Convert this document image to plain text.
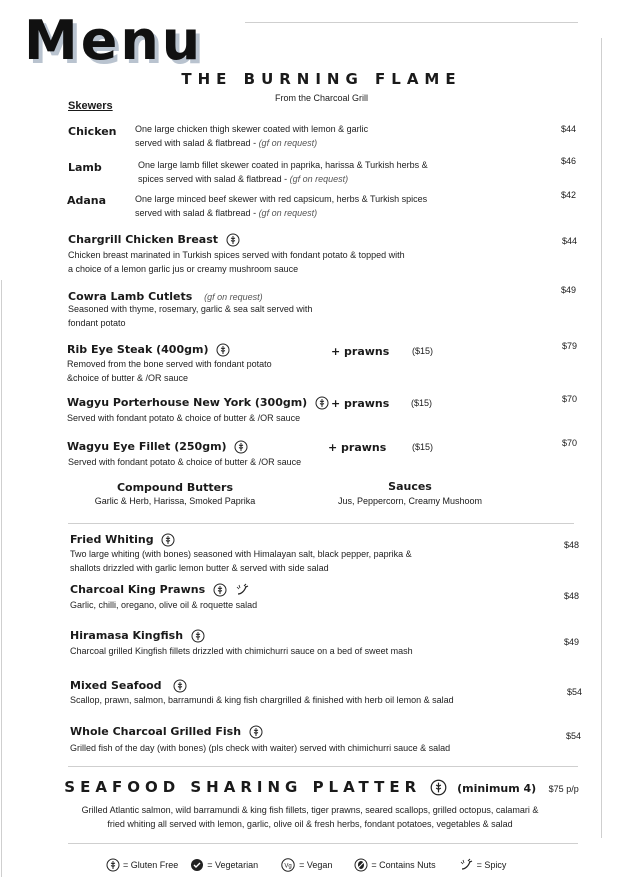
Menu
THE BURNING FLAME
From the Charcoal Grill
Skewers
Chicken One large chicken thigh skewer coated with lemon & garlic
served with salad & flatbread - (gf on request)
$44
Lamb	One large lamb fillet skewer coated in paprika, harissa & Turkish herbs &
spices served with salad & flatbread - (gf on request)
$46
Adana	One large minced beef skewer with red capsicum, herbs & Turkish spices
served with salad & flatbread - (gf on request)
$42
Chargrill Chicken Breast
Chicken breast marinated in Turkish spices served with fondant potato & topped with
a choice of a lemon garlic jus or creamy mushroom sauce
$44
Cowra Lamb Cutlets (gf on request)
Seasoned with thyme, rosemary, garlic & sea salt served with
fondant potato
$49
Rib Eye Steak (400gm)	+ prawns	($15)
Removed from the bone served with fondant potato
&choice of butter & /OR sauce
$79
Wagyu Porterhouse New York (300gm)	+ prawns ($15)
Served with fondant potato & choice of butter & /OR sauce
$70
Wagyu Eye Fillet (250gm)	+ prawns	($15)
Served with fondant potato & choice of butter & /OR sauce
$70
Compound Butters
Garlic & Herb, Harissa, Smoked Paprika
Sauces
Jus, Peppercorn, Creamy Mushoom
Fried Whiting
Two large whiting (with bones) seasoned with Himalayan salt, black pepper, paprika &
shallots drizzled with garlic lemon butter & served with side salad
$48
Charcoal King Prawns
Garlic, chilli, oregano, olive oil & roquette salad
$48
Hiramasa Kingfish
Charcoal grilled Kingfish fillets drizzled with chimichurri sauce on a bed of sweet mash
$49
Mixed Seafood
Scallop, prawn, salmon, barramundi & king fish chargrilled & finished with herb oil lemon & salad
$54
Whole Charcoal Grilled Fish
Grilled fish of the day (with bones) (pls check with waiter) served with chimichurri sauce & salad
$54
SEAFOOD SHARING PLATTER	(minimum 4) $75 p/p
Grilled Atlantic salmon, wild barramundi & king fish fillets, tiger prawns, seared scallops, grilled octopus, calamari &
fried whiting all served with lemon, garlic, olive oil & fresh herbs, fondant potatoes, vegetables & salad
= Gluten Free	= Vegetarian	Vg = Vegan	= Contains Nuts	= Spicy
